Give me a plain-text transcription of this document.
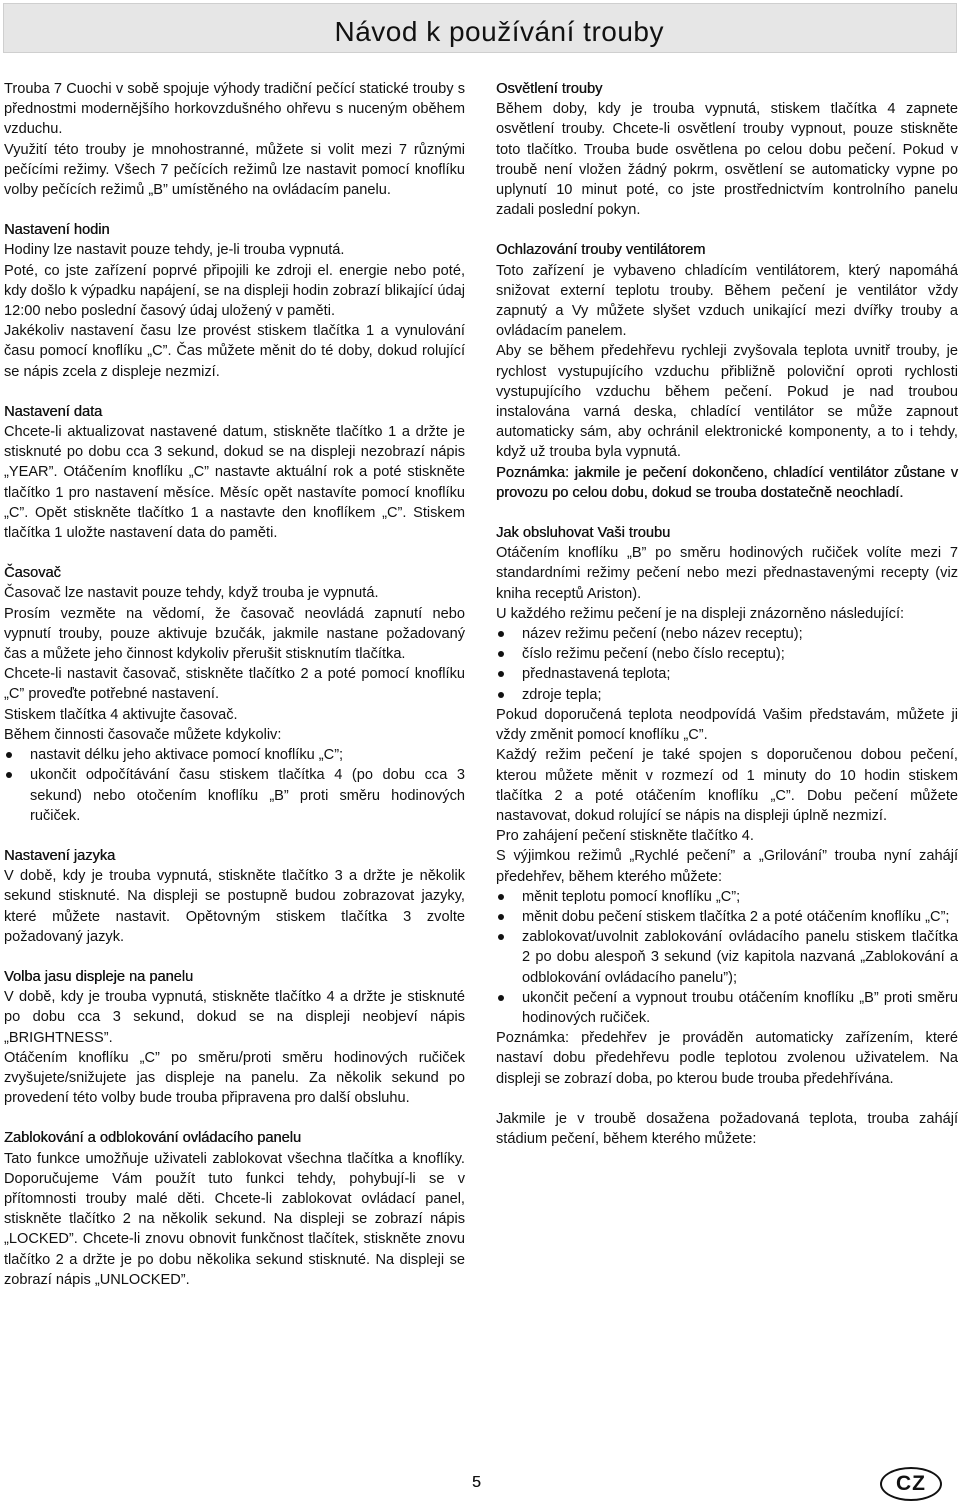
Návod k používání trouby

Trouba 7 Cuochi v sobě spojuje výhody tradiční pečící statické trouby s přednostmi modernějšího horkovzdušného ohřevu s nuceným oběhem vzduchu.

Využití této trouby je mnohostranné, můžete si volit mezi 7 různými pečícími režimy. Všech 7 pečících režimů lze nastavit pomocí knoflíku volby pečících režimů „B” umístěného na ovládacím panelu.

Nastavení hodin

Hodiny lze nastavit pouze tehdy, je-li trouba vypnutá.

Poté, co jste zařízení poprvé připojili ke zdroji el. energie nebo poté, kdy došlo k výpadku napájení, se na displeji hodin zobrazí blikající údaj 12:00 nebo poslední časový údaj uložený v paměti.

Jakékoliv nastavení času lze provést stiskem tlačítka 1 a vynulování času pomocí knoflíku „C”. Čas můžete měnit do té doby, dokud rolující se nápis zcela z displeje nezmizí.

Nastavení data

Chcete-li aktualizovat nastavené datum, stiskněte tlačítko 1 a držte je stisknuté po dobu cca 3 sekund, dokud se na displeji nezobrazí nápis „YEAR”. Otáčením knoflíku „C” nastavte aktuální rok a poté stiskněte tlačítko 1 pro nastavení měsíce. Měsíc opět nastavíte pomocí knoflíku „C”. Opět stiskněte tlačítko 1 a nastavte den knoflíkem „C”. Stiskem tlačítka 1 uložte nastavení data do paměti.

Časovač

Časovač lze nastavit pouze tehdy, když trouba je vypnutá.

Prosím vezměte na vědomí, že časovač neovládá zapnutí nebo vypnutí trouby, pouze aktivuje bzučák, jakmile nastane požadovaný čas a můžete jeho činnost kdykoliv přerušit stisknutím tlačítka.

Chcete-li nastavit časovač, stiskněte tlačítko 2 a poté pomocí knoflíku „C” proveďte potřebné nastavení.

Stiskem tlačítka 4 aktivujte časovač.

Během činnosti časovače můžete kdykoliv:

nastavit délku jeho aktivace pomocí knoflíku „C”;
ukončit odpočítávání času stiskem tlačítka 4 (po dobu cca 3 sekund) nebo otočením knoflíku „B” proti směru hodinových ručiček.
Nastavení jazyka

V době, kdy je trouba vypnutá, stiskněte tlačítko 3 a držte je několik sekund stisknuté. Na displeji se postupně budou zobrazovat jazyky, které můžete nastavit. Opětovným stiskem tlačítka 3 zvolte požadovaný jazyk.

Volba jasu displeje na panelu

V době, kdy je trouba vypnutá, stiskněte tlačítko 4 a držte je stisknuté po dobu cca 3 sekund, dokud se na displeji neobjeví nápis „BRIGHTNESS”.

Otáčením knoflíku „C” po směru/proti směru hodinových ručiček zvyšujete/snižujete jas displeje na panelu. Za několik sekund po provedení této volby bude trouba připravena pro další obsluhu.

Zablokování a odblokování ovládacího panelu

Tato funkce umožňuje uživateli zablokovat všechna tlačítka a knoflíky. Doporučujeme Vám použít tuto funkci tehdy, pohybují-li se v přítomnosti trouby malé děti. Chcete-li zablokovat ovládací panel, stiskněte tlačítko 2 na několik sekund. Na displeji se zobrazí nápis „LOCKED”. Chcete-li znovu obnovit funkčnost tlačítek, stiskněte znovu tlačítko 2 a držte je po dobu několika sekund stisknuté. Na displeji se zobrazí nápis „UNLOCKED”.

Osvětlení trouby

Během doby, kdy je trouba vypnutá, stiskem tlačítka 4 zapnete osvětlení trouby. Chcete-li osvětlení trouby vypnout, pouze stiskněte toto tlačítko. Trouba bude osvětlena po celou dobu pečení. Pokud v troubě není vložen žádný pokrm, osvětlení se automaticky vypne po uplynutí 10 minut poté, co jste prostřednictvím kontrolního panelu zadali poslední pokyn.

Ochlazování trouby ventilátorem

Toto zařízení je vybaveno chladícím ventilátorem, který napomáhá snižovat externí teplotu trouby. Během pečení je ventilátor vždy zapnutý a Vy můžete slyšet vzduch unikající mezi dvířky trouby a ovládacím panelem.

Aby se během předehřevu rychleji zvyšovala teplota uvnitř trouby, je rychlost vystupujícího vzduchu přibližně poloviční oproti rychlosti vystupujícího vzduchu během pečení. Pokud je nad troubou instalována varná deska, chladící ventilátor se může zapnout automaticky sám, aby ochránil elektronické komponenty, a to i tehdy, když už trouba byla vypnutá.

Poznámka: jakmile je pečení dokončeno, chladící ventilátor zůstane v provozu po celou dobu, dokud se trouba dostatečně neochladí.

Jak obsluhovat Vaši troubu

Otáčením knoflíku „B” po směru hodinových ručiček volíte mezi 7 standardními režimy pečení nebo mezi přednastavenými recepty (viz kniha receptů Ariston).

U každého režimu pečení je na displeji znázorněno následující:

název režimu pečení (nebo název receptu);
číslo režimu pečení (nebo číslo receptu);
přednastavená teplota;
zdroje tepla;

Pokud doporučená teplota neodpovídá Vašim představám, můžete ji vždy změnit pomocí knoflíku „C”.

Každý režim pečení je také spojen s doporučenou dobou pečení, kterou můžete měnit v rozmezí od 1 minuty do 10 hodin stiskem tlačítka 2 a poté otáčením knoflíku „C”. Dobu pečení můžete nastavovat, dokud rolující se nápis na displeji úplně nezmizí.

Pro zahájení pečení stiskněte tlačítko 4.

S výjimkou režimů „Rychlé pečení” a „Grilování” trouba nyní zahájí předehřev, během kterého můžete:

měnit teplotu pomocí knoflíku „C”;
měnit dobu pečení stiskem tlačítka 2 a poté otáčením knoflíku „C”;
zablokovat/uvolnit zablokování ovládacího panelu stiskem tlačítka 2 po dobu alespoň 3 sekund (viz kapitola nazvaná „Zablokování a odblokování ovládacího panelu”);
ukončit pečení a vypnout troubu otáčením knoflíku „B” proti směru hodinových ručiček.

Poznámka: předehřev je prováděn automaticky zařízením, které nastaví dobu předehřevu podle teplotou zvolenou uživatelem. Na displeji se zobrazí doba, po kterou bude trouba předehřívána.

Jakmile je v troubě dosažena požadovaná teplota, trouba zahájí stádium pečení, během kterého můžete:

5	CZ
